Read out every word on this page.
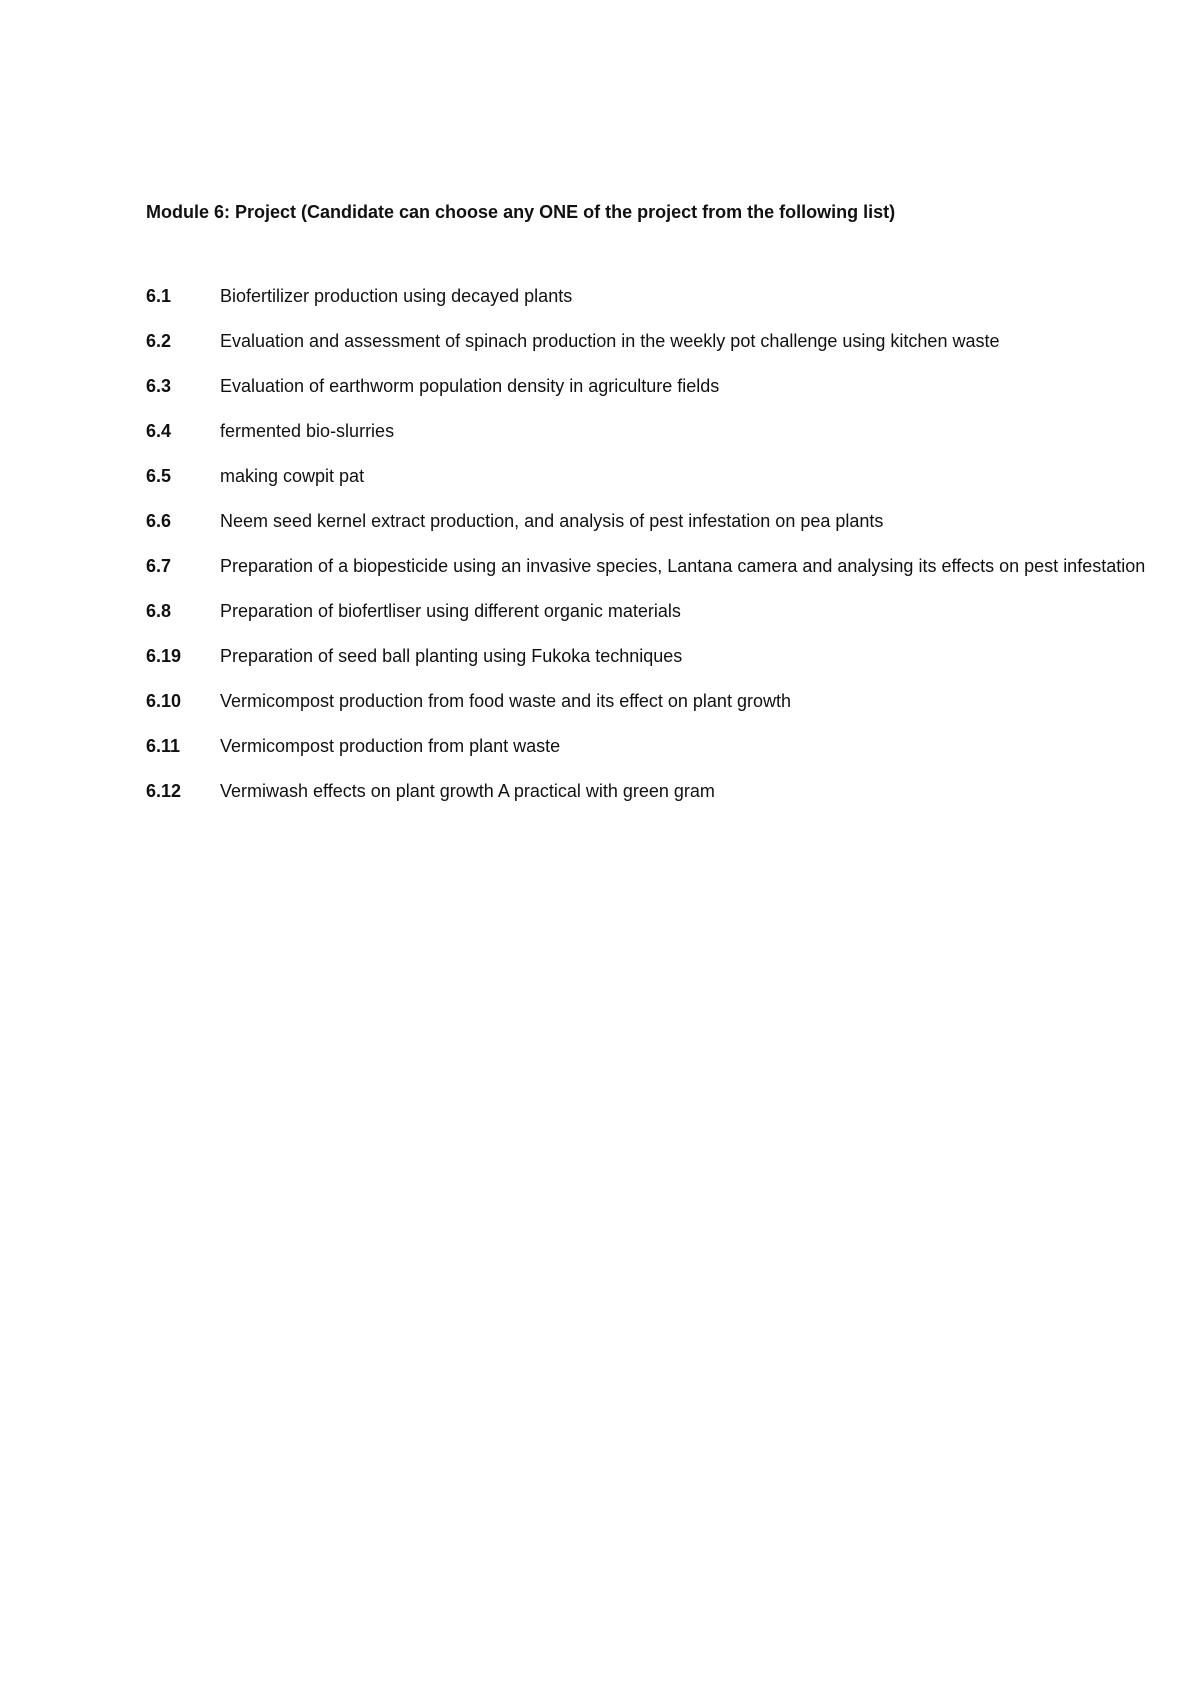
Module 6: Project (Candidate can choose any ONE of the project from the following list)
6.1	Biofertilizer production using decayed plants
6.2	Evaluation and assessment of spinach production in the weekly pot challenge using kitchen waste
6.3	Evaluation of earthworm population density in agriculture fields
6.4	fermented bio-slurries
6.5	making cowpit pat
6.6	Neem seed kernel extract production, and analysis of pest infestation on pea plants
6.7	Preparation of a biopesticide using an invasive species, Lantana camera and analysing its effects on pest infestation
6.8	Preparation of biofertliser using different organic materials
6.19 Preparation of seed ball planting using Fukoka techniques
6.10 Vermicompost production from food waste and its effect on plant growth
6.11 Vermicompost production from plant waste
6.12 Vermiwash effects on plant growth A practical with green gram
